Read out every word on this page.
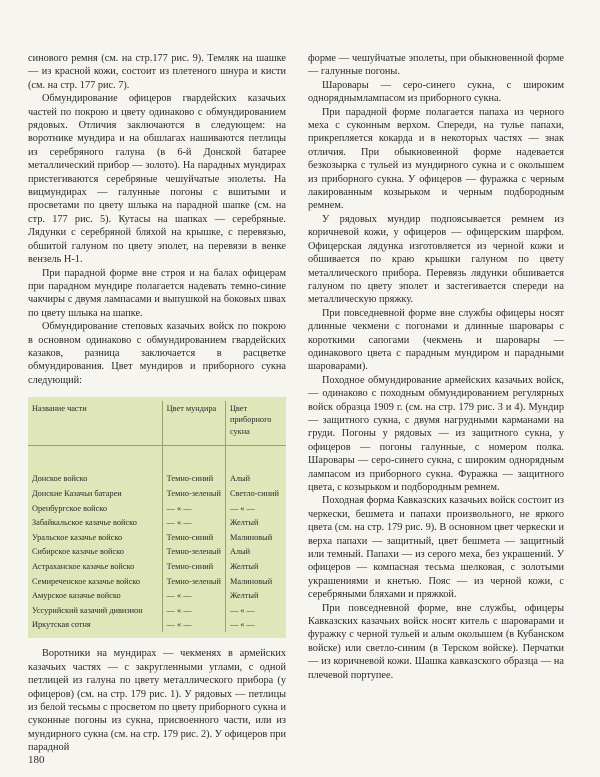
синового ремня (см. на стр.177 рис. 9). Темляк на шашке — из красной кожи, состоит из плетеного шнура и кисти (см. на стр. 177 рис. 7).

Обмундирование офицеров гвардейских казачьих частей по покрою и цвету одинаково с обмундированием рядовых. Отличия заключаются в следующем: на воротнике мундира и на обшлагах нашиваются петлицы из серебряного галуна (в 6-й Донской батарее металлический прибор — золото). На парадных мундирах пристегиваются серебряные чешуйчатые эполеты. На вицмундирах — галунные погоны с вшитыми и просветами по цвету шлыка на парадной шапке (см. на стр. 177 рис. 5). Кутасы на шапках — серебряные. Лядунки с серебряной бляхой на крышке, с перевязью, обшитой галуном по цвету эполет, на перевязи в венке вензель Н-1.

При парадной форме вне строя и на балах офицерам при парадном мундире полагается надевать темно-синие чакчиры с двумя лампасами и выпушкой на боковых швах по цвету шлыка на шапке.

Обмундирование степовых казачьих войск по покрою в основном одинаково с обмундированием гвардейских казаков, разница заключается в расцветке обмундирования. Цвет мундиров и приборного сукна следующий:

Название части	Цвет мундира	Цвет приборного сукна
Донское войско	Темно-синий	Алый
Донские Казачьи батареи	Темно-зеленый	Светло-синий
Оренбургское войско	— « —	— « —
Забайкальское казачье войско	— « —	Желтый
Уральское казачье войско	Темно-синий	Малиновый
Сибирское казачье войско	Темно-зеленый	Алый
Астраханское казачье войско	Темно-синий	Желтый
Семиреченское казачье войско	Темно-зеленый	Малиновый
Амурское казачье войско	— « —	Желтый
Уссурийский казачий дивизион	— « —	— « —
Иркутская сотня	— « —	— « —

Воротники на мундирах — чекменях в армейских казачьих частях — с закругленными углами, с одной петлицей из галуна по цвету металлического прибора (у офицеров) (см. на стр. 179 рис. 1). У рядовых — петлицы из белой тесьмы с просветом по цвету приборного сукна и суконные погоны из сукна, присвоенного части, или из мундирного сукна (см. на стр. 179 рис. 2). У офицеров при парадной

форме — чешуйчатые эполеты, при обыкновенной форме — галунные погоны.

Шаровары — серо-синего сукна, с широким одноряднымлампасом из приборного сукна.

При парадной форме полагается папаха из черного меха с суконным верхом. Спереди, на тулье папахи, прикрепляется кокарда и в некоторых частях — знак отличия. При обыкновенной форме надевается безкозырка с тульей из мундирного сукна и с околышем из приборного сукна. У офицеров — фуражка с черным лакированным козырьком и черным подбородным ремнем.

У рядовых мундир подпоясывается ремнем из коричневой кожи, у офицеров — офицерским шарфом. Офицерская лядунка изготовляется из черной кожи и обшивается по краю крышки галуном по цвету металлического прибора. Перевязь лядунки обшивается галуном по цвету эполет и застегивается спереди на металлическую пряжку.

При повседневной форме вне службы офицеры носят длинные чекмени с погонами и длинные шаровары с короткими сапогами (чекмень и шаровары — одинакового цвета с парадным мундиром и парадными шароварами).

Походное обмундирование армейских казачьих войск, — одинаково с походным обмундированием регулярных войск образца 1909 г. (см. на стр. 179 рис. 3 и 4). Мундир — защитного сукна, с двумя нагрудными карманами на груди. Погоны у рядовых — из защитного сукна, у офицеров — погоны галунные, с номером полка. Шаровары — серо-синего сукна, с широким однорядным лампасом из приборного сукна. Фуражка — защитного цвета, с козырьком и подбородным ремнем.

Походная форма Кавказских казачьих войск состоит из черкески, бешмета и папахи произвольного, не яркого цвета (см. на стр. 179 рис. 9). В основном цвет черкески и верха папахи — защитный, цвет бешмета — защитный или темный. Папахи — из серого меха, без украшений. У офицеров — компасная тесьма шелковая, с золотыми украшениями и кнетью. Пояс — из черной кожи, с серебряными бляхами и пряжкой.

При повседневной форме, вне службы, офицеры Кавказских казачьих войск носят китель с шароварами и фуражку с черной тульей и алым околышем (в Кубанском войске) или светло-синим (в Терском войске). Перчатки — из коричневой кожи. Шашка кавказского образца — на плечевой портупее.

180
